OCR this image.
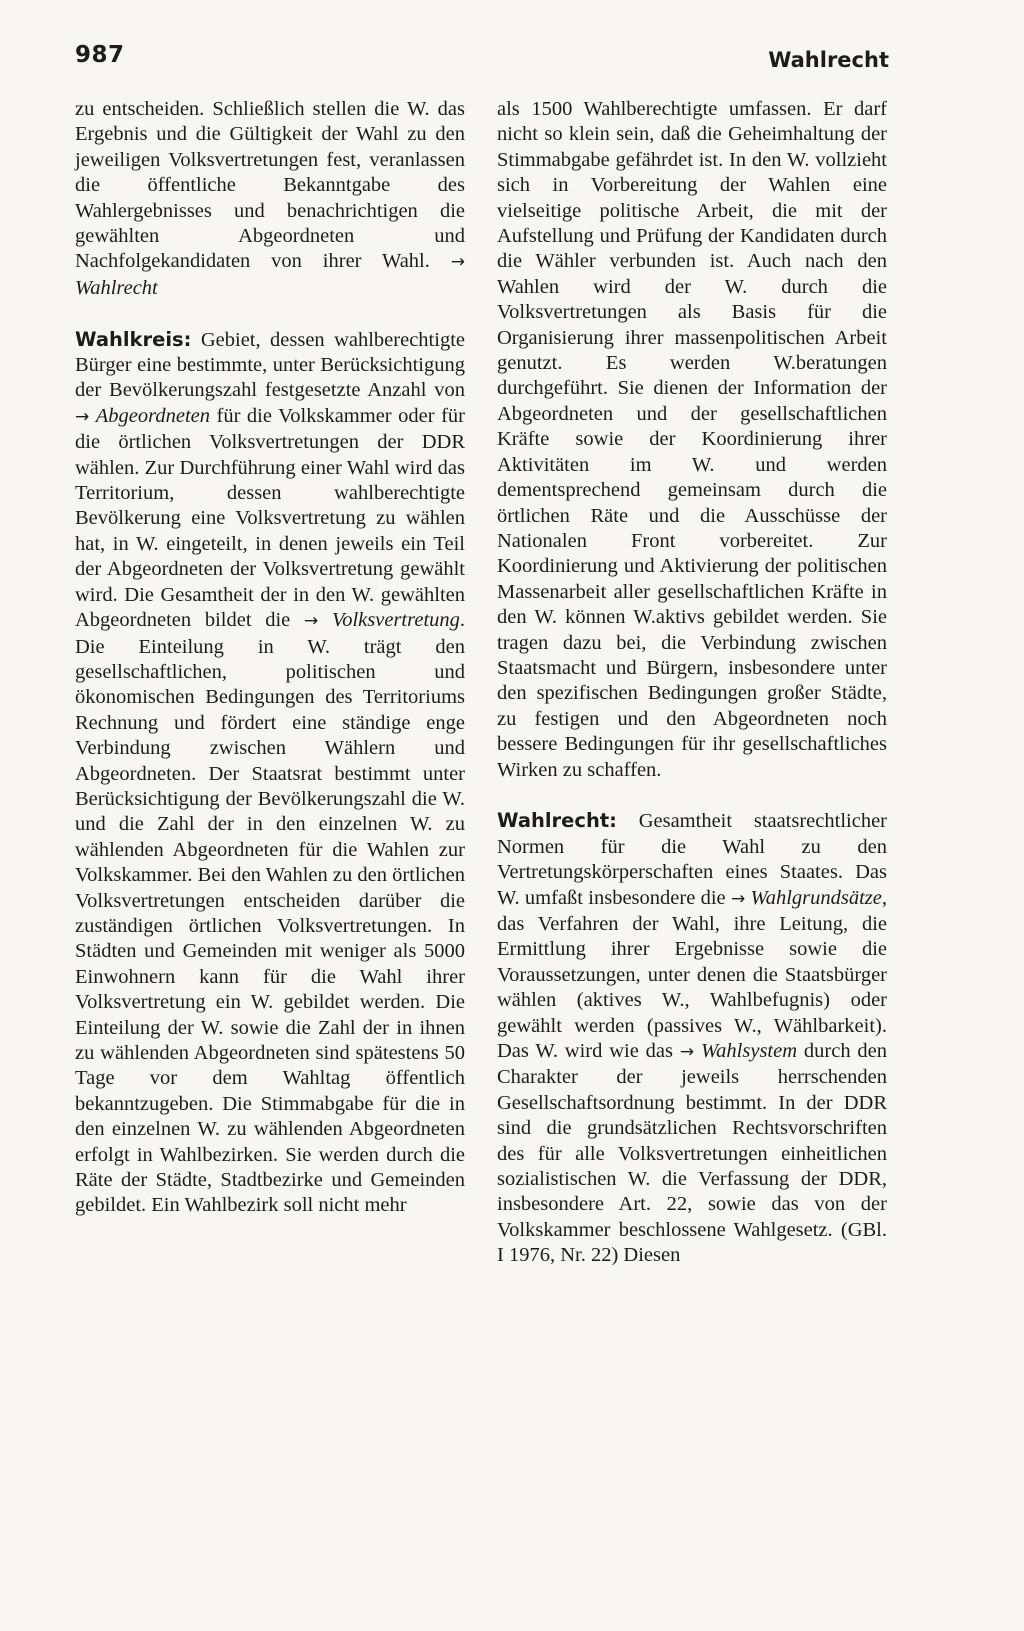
987	Wahlrecht

zu entscheiden. Schließlich stellen die W. das Ergebnis und die Gültigkeit der Wahl zu den jeweiligen Volksvertretungen fest, veranlassen die öffentliche Bekanntgabe des Wahlergebnisses und benachrichtigen die gewählten Abgeordneten und Nachfolgekandidaten von ihrer Wahl. → Wahlrecht

Wahlkreis: Gebiet, dessen wahlberechtigte Bürger eine bestimmte, unter Berücksichtigung der Bevölkerungszahl festgesetzte Anzahl von → Abgeordneten für die Volkskammer oder für die örtlichen Volksvertretungen der DDR wählen. Zur Durchführung einer Wahl wird das Territorium, dessen wahlberechtigte Bevölkerung eine Volksvertretung zu wählen hat, in W. eingeteilt, in denen jeweils ein Teil der Abgeordneten der Volksvertretung gewählt wird. Die Gesamtheit der in den W. gewählten Abgeordneten bildet die → Volksvertretung. Die Einteilung in W. trägt den gesellschaftlichen, politischen und ökonomischen Bedingungen des Territoriums Rechnung und fördert eine ständige enge Verbindung zwischen Wählern und Abgeordneten. Der Staatsrat bestimmt unter Berücksichtigung der Bevölkerungszahl die W. und die Zahl der in den einzelnen W. zu wählenden Abgeordneten für die Wahlen zur Volkskammer. Bei den Wahlen zu den örtlichen Volksvertretungen entscheiden darüber die zuständigen örtlichen Volksvertretungen. In Städten und Gemeinden mit weniger als 5000 Einwohnern kann für die Wahl ihrer Volksvertretung ein W. gebildet werden. Die Einteilung der W. sowie die Zahl der in ihnen zu wählenden Abgeordneten sind spätestens 50 Tage vor dem Wahltag öffentlich bekanntzugeben. Die Stimmabgabe für die in den einzelnen W. zu wählenden Abgeordneten erfolgt in Wahlbezirken. Sie werden durch die Räte der Städte, Stadtbezirke und Gemeinden gebildet. Ein Wahlbezirk soll nicht mehr

als 1500 Wahlberechtigte umfassen. Er darf nicht so klein sein, daß die Geheimhaltung der Stimmabgabe gefährdet ist. In den W. vollzieht sich in Vorbereitung der Wahlen eine vielseitige politische Arbeit, die mit der Aufstellung und Prüfung der Kandidaten durch die Wähler verbunden ist. Auch nach den Wahlen wird der W. durch die Volksvertretungen als Basis für die Organisierung ihrer massenpolitischen Arbeit genutzt. Es werden W.beratungen durchgeführt. Sie dienen der Information der Abgeordneten und der gesellschaftlichen Kräfte sowie der Koordinierung ihrer Aktivitäten im W. und werden dementsprechend gemeinsam durch die örtlichen Räte und die Ausschüsse der Nationalen Front vorbereitet. Zur Koordinierung und Aktivierung der politischen Massenarbeit aller gesellschaftlichen Kräfte in den W. können W.aktivs gebildet werden. Sie tragen dazu bei, die Verbindung zwischen Staatsmacht und Bürgern, insbesondere unter den spezifischen Bedingungen großer Städte, zu festigen und den Abgeordneten noch bessere Bedingungen für ihr gesellschaftliches Wirken zu schaffen.

Wahlrecht: Gesamtheit staatsrechtlicher Normen für die Wahl zu den Vertretungskörperschaften eines Staates. Das W. umfaßt insbesondere die → Wahlgrundsätze, das Verfahren der Wahl, ihre Leitung, die Ermittlung ihrer Ergebnisse sowie die Voraussetzungen, unter denen die Staatsbürger wählen (aktives W., Wahlbefugnis) oder gewählt werden (passives W., Wählbarkeit). Das W. wird wie das → Wahlsystem durch den Charakter der jeweils herrschenden Gesellschaftsordnung bestimmt. In der DDR sind die grundsätzlichen Rechtsvorschriften des für alle Volksvertretungen einheitlichen sozialistischen W. die Verfassung der DDR, insbesondere Art. 22, sowie das von der Volkskammer beschlossene Wahlgesetz. (GBl. I 1976, Nr. 22) Diesen
